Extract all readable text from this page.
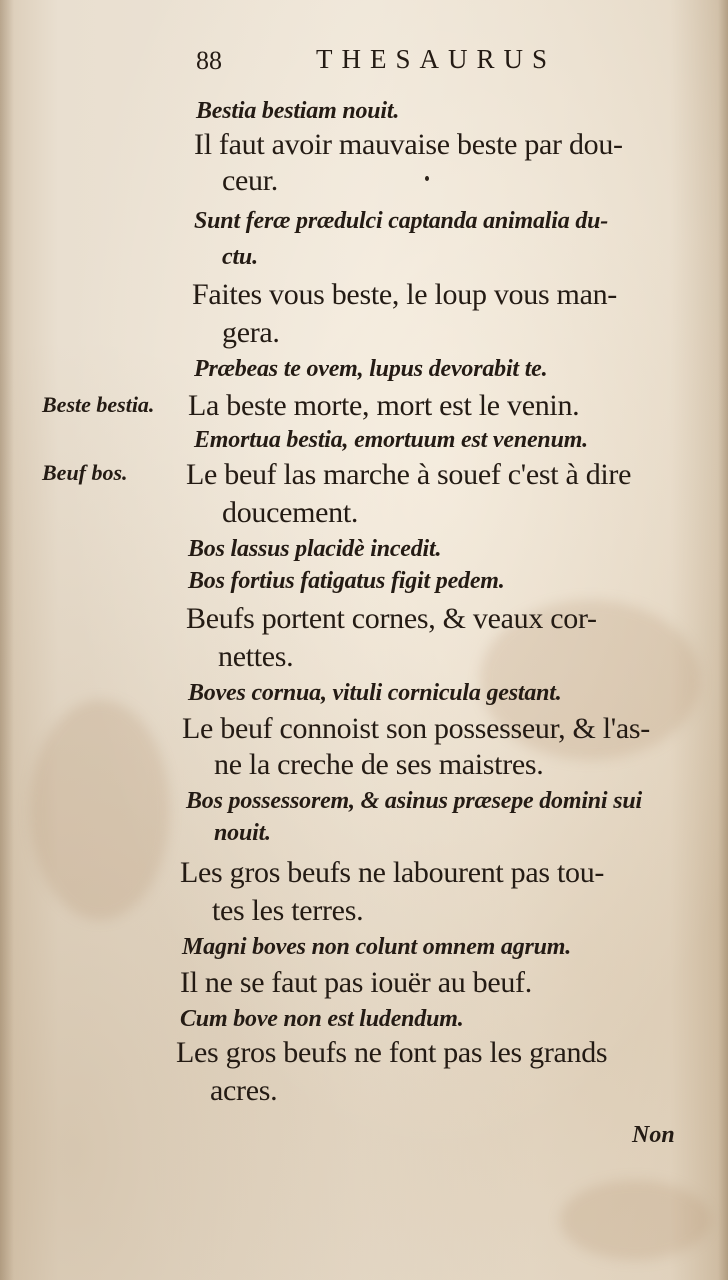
88	THESAURUS
Beste bestia.
Beuf bos.
Bestia bestiam nouit.
Il faut avoir mauvaise beste par dou-
ceur.
Sunt feræ prædulci captanda animalia du-
ctu.
Faites vous beste, le loup vous man-
gera.
Præbeas te ovem, lupus devorabit te.
La beste morte, mort est le venin.
Emortua bestia, emortuum est venenum.
Le beuf las marche à souef c'est à dire
doucement.
Bos lassus placidè incedit.
Bos fortius fatigatus figit pedem.
Beufs portent cornes, & veaux cor-
nettes.
Boves cornua, vituli cornicula gestant.
Le beuf connoist son possesseur, & l'as-
ne la creche de ses maistres.
Bos possessorem, & asinus præsepe domini sui
nouit.
Les gros beufs ne labourent pas tou-
tes les terres.
Magni boves non colunt omnem agrum.
Il ne se faut pas iouër au beuf.
Cum bove non est ludendum.
Les gros beufs ne font pas les grands
acres.
Non
